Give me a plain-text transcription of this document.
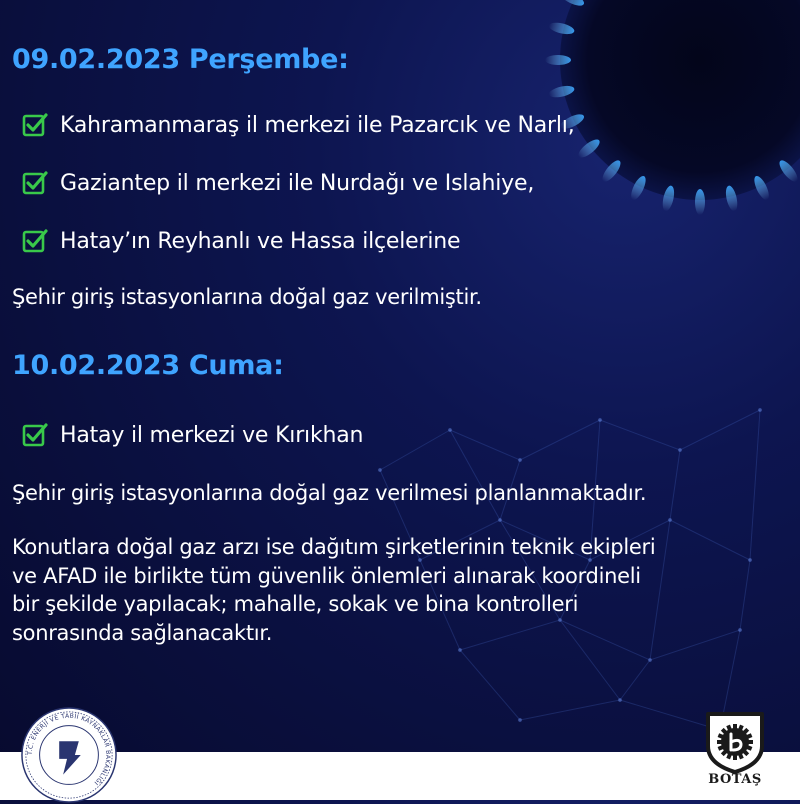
09.02.2023 Perşembe:
Kahramanmaraş il merkezi ile Pazarcık ve Narlı,
Gaziantep il merkezi ile Nurdağı ve Islahiye,
Hatay’ın Reyhanlı ve Hassa ilçelerine

Şehir giriş istasyonlarına doğal gaz verilmiştir.

10.02.2023 Cuma:
Hatay il merkezi ve Kırıkhan

Şehir giriş istasyonlarına doğal gaz verilmesi planlanmaktadır.

Konutlara doğal gaz arzı ise dağıtım şirketlerinin teknik ekipleri
ve AFAD ile birlikte tüm güvenlik önlemleri alınarak koordineli
bir şekilde yapılacak; mahalle, sokak ve bina kontrolleri
sonrasında sağlanacaktır.
T.C. ENERJİ VE TABİİ KAYNAKLAR BAKANLIĞI	BOTAŞ
